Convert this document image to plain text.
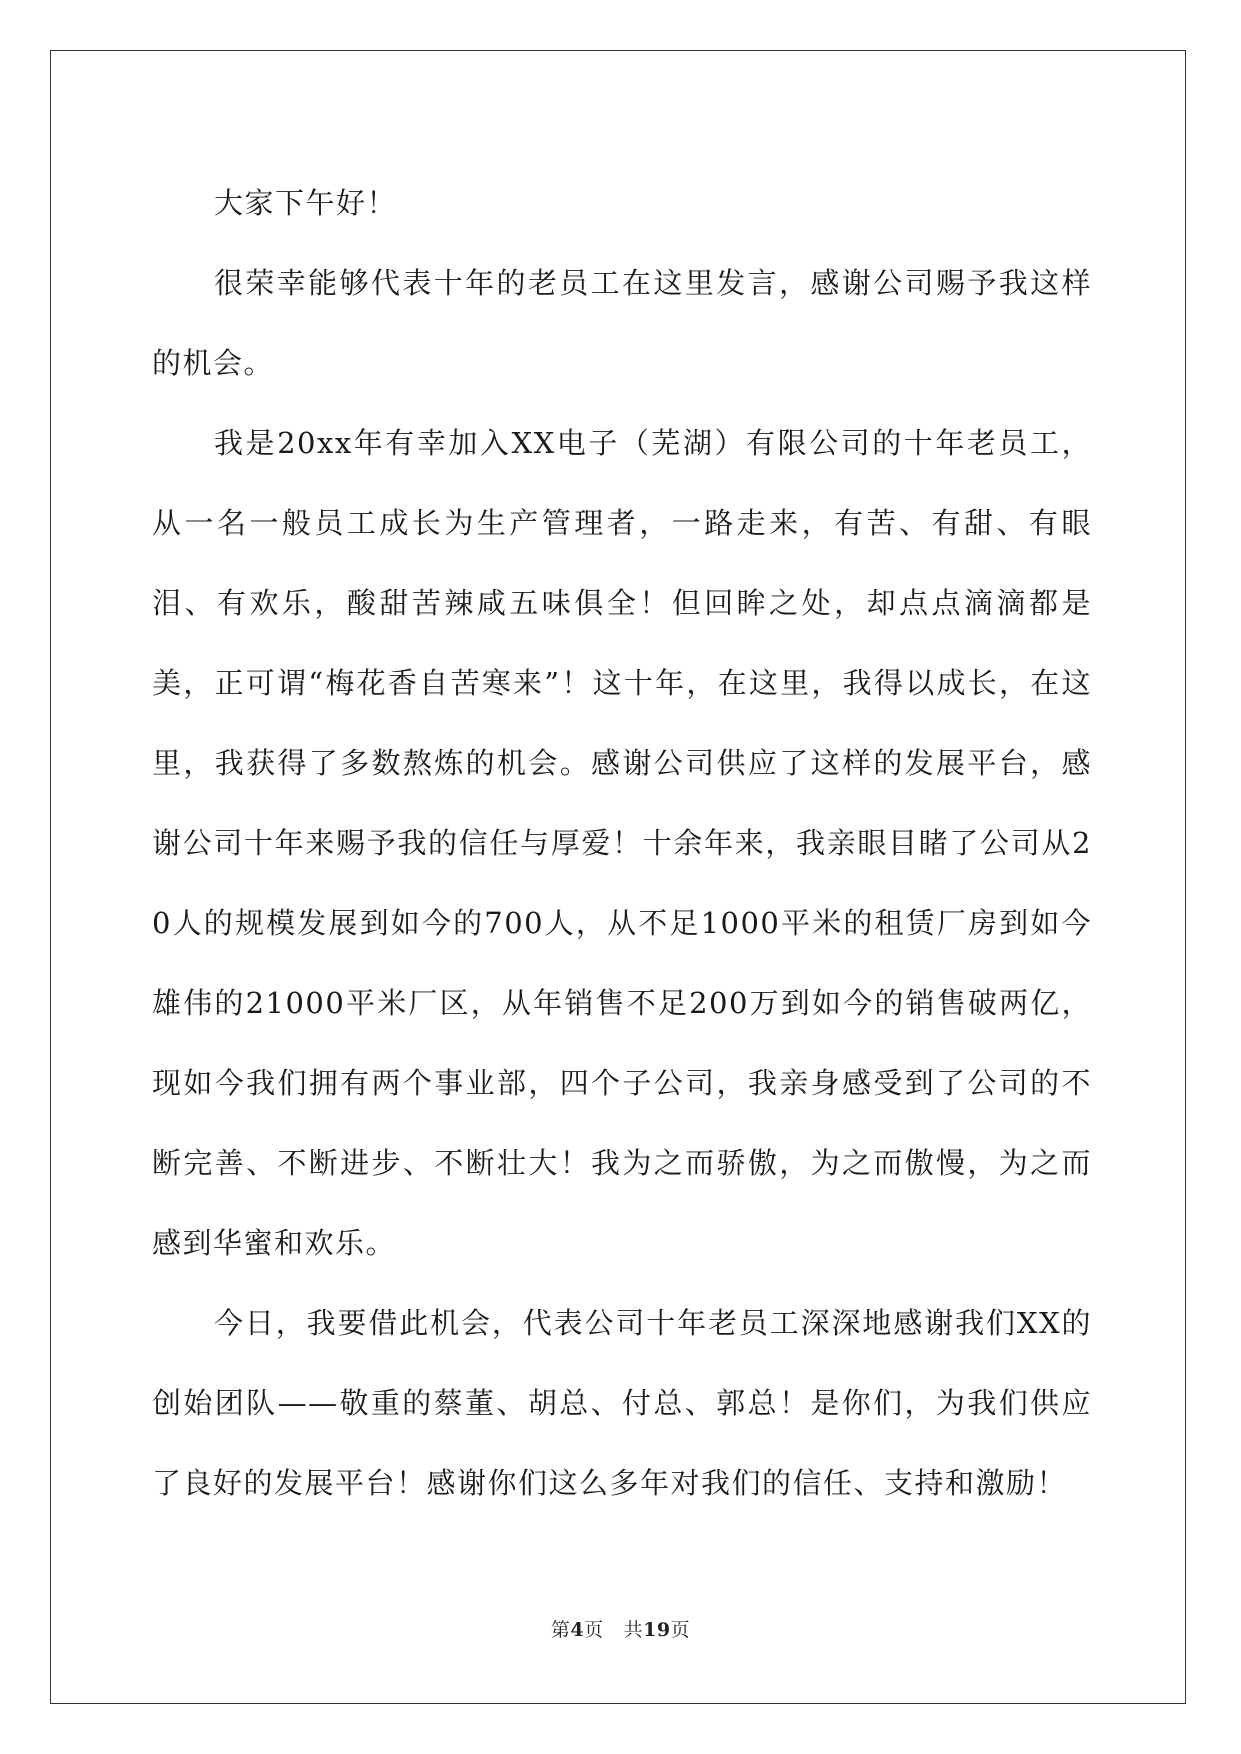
大家下午好！

很荣幸能够代表十年的老员工在这里发言，感谢公司赐予我这样的机会。

我是20xx年有幸加入XX电子（芜湖）有限公司的十年老员工，从一名一般员工成长为生产管理者，一路走来，有苦、有甜、有眼泪、有欢乐，酸甜苦辣咸五味俱全！但回眸之处，却点点滴滴都是美，正可谓“梅花香自苦寒来”！这十年，在这里，我得以成长，在这里，我获得了多数熬炼的机会。感谢公司供应了这样的发展平台，感谢公司十年来赐予我的信任与厚爱！十余年来，我亲眼目睹了公司从20人的规模发展到如今的700人，从不足1000平米的租赁厂房到如今雄伟的21000平米厂区，从年销售不足200万到如今的销售破两亿，现如今我们拥有两个事业部，四个子公司，我亲身感受到了公司的不断完善、不断进步、不断壮大！我为之而骄傲，为之而傲慢，为之而感到华蜜和欢乐。

今日，我要借此机会，代表公司十年老员工深深地感谢我们XX的创始团队——敬重的蔡董、胡总、付总、郭总！是你们，为我们供应了良好的发展平台！感谢你们这么多年对我们的信任、支持和激励！

第4页 共19页
